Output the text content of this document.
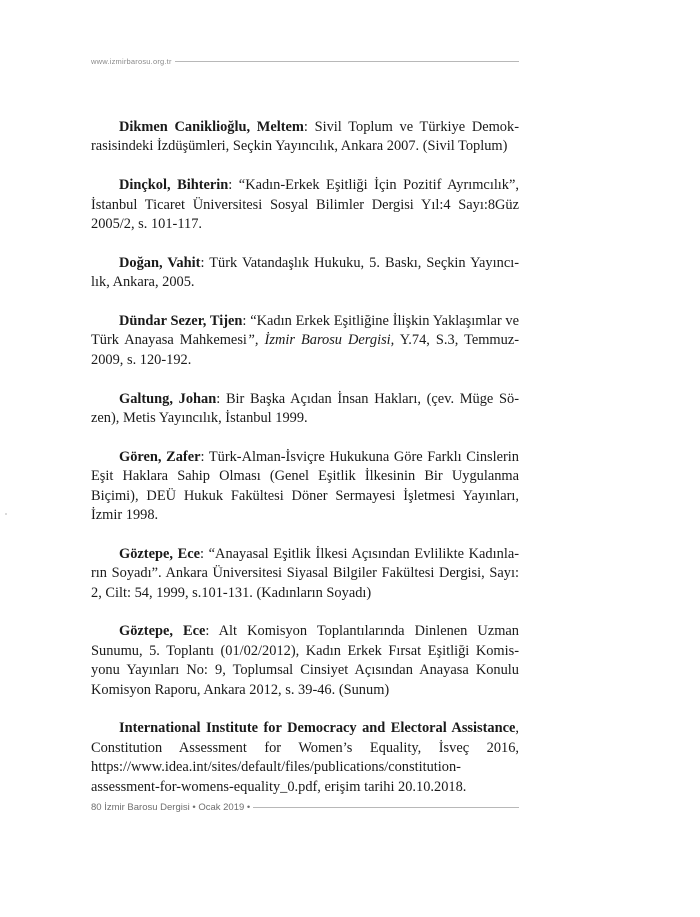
www.izmirbarosu.org.tr

Dikmen Caniklioğlu, Meltem: Sivil Toplum ve Türkiye Demokrasisindeki İzdüşümleri, Seçkin Yayıncılık, Ankara 2007. (Sivil Toplum)

Dinçkol, Bihterin: “Kadın-Erkek Eşitliği İçin Pozitif Ayrımcılık”, İstanbul Ticaret Üniversitesi Sosyal Bilimler Dergisi Yıl:4 Sayı:8Güz 2005/2, s. 101-117.

Doğan, Vahit: Türk Vatandaşlık Hukuku, 5. Baskı, Seçkin Yayıncılık, Ankara, 2005.

Dündar Sezer, Tijen: “Kadın Erkek Eşitliğine İlişkin Yaklaşımlar ve Türk Anayasa Mahkemesi”, İzmir Barosu Dergisi, Y.74, S.3, Temmuz-2009, s. 120-192.

Galtung, Johan: Bir Başka Açıdan İnsan Hakları, (çev. Müge Sözen), Metis Yayıncılık, İstanbul 1999.

Gören, Zafer: Türk-Alman-İsviçre Hukukuna Göre Farklı Cinslerin Eşit Haklara Sahip Olması (Genel Eşitlik İlkesinin Bir Uygulanma Biçimi), DEÜ Hukuk Fakültesi Döner Sermayesi İşletmesi Yayınları, İzmir 1998.

Göztepe, Ece: “Anayasal Eşitlik İlkesi Açısından Evlilikte Kadınların Soyadı”. Ankara Üniversitesi Siyasal Bilgiler Fakültesi Dergisi, Sayı: 2, Cilt: 54, 1999, s.101-131. (Kadınların Soyadı)

Göztepe, Ece: Alt Komisyon Toplantılarında Dinlenen Uzman Sunumu, 5. Toplantı (01/02/2012), Kadın Erkek Fırsat Eşitliği Komisyonu Yayınları No: 9, Toplumsal Cinsiyet Açısından Anayasa Konulu Komisyon Raporu, Ankara 2012, s. 39-46. (Sunum)

International Institute for Democracy and Electoral Assistance, Constitution Assessment for Women’s Equality, İsveç 2016, https://www.idea.int/sites/default/files/publications/constitution-assessment-for-womens-equality_0.pdf, erişim tarihi 20.10.2018.

80 İzmir Barosu Dergisi • Ocak 2019 •
